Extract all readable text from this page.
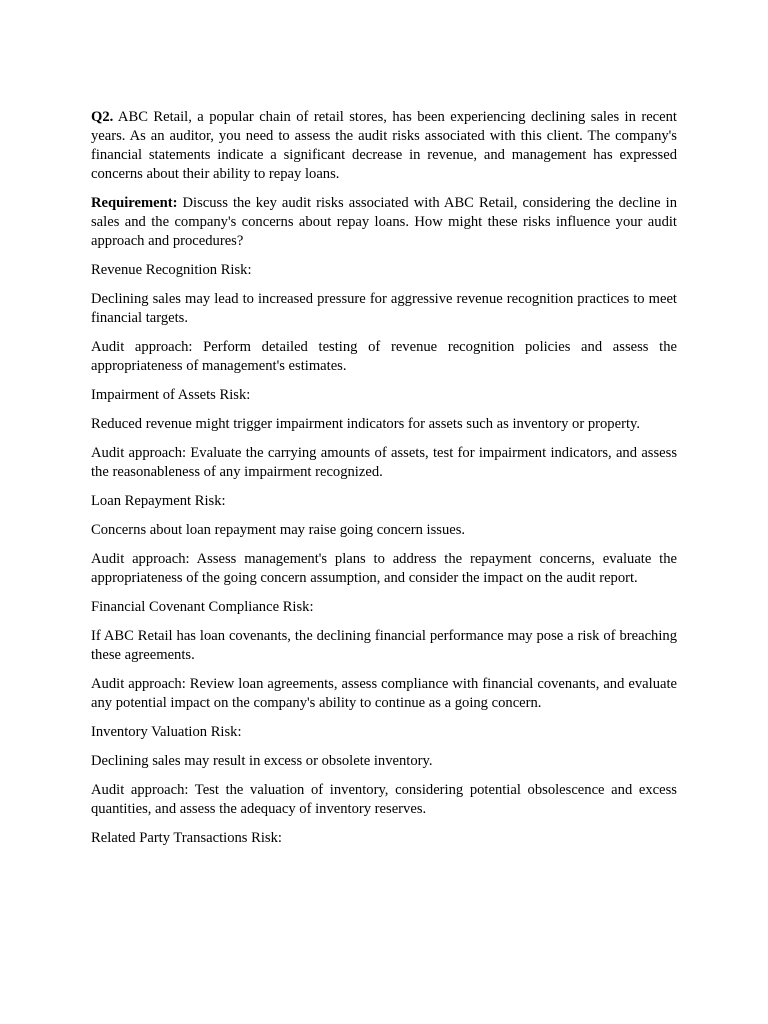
Q2. ABC Retail, a popular chain of retail stores, has been experiencing declining sales in recent years. As an auditor, you need to assess the audit risks associated with this client. The company's financial statements indicate a significant decrease in revenue, and management has expressed concerns about their ability to repay loans.

Requirement: Discuss the key audit risks associated with ABC Retail, considering the decline in sales and the company's concerns about repay loans. How might these risks influence your audit approach and procedures?

Revenue Recognition Risk:

Declining sales may lead to increased pressure for aggressive revenue recognition practices to meet financial targets.

Audit approach: Perform detailed testing of revenue recognition policies and assess the appropriateness of management's estimates.

Impairment of Assets Risk:

Reduced revenue might trigger impairment indicators for assets such as inventory or property.

Audit approach: Evaluate the carrying amounts of assets, test for impairment indicators, and assess the reasonableness of any impairment recognized.

Loan Repayment Risk:

Concerns about loan repayment may raise going concern issues.

Audit approach: Assess management's plans to address the repayment concerns, evaluate the appropriateness of the going concern assumption, and consider the impact on the audit report.

Financial Covenant Compliance Risk:

If ABC Retail has loan covenants, the declining financial performance may pose a risk of breaching these agreements.

Audit approach: Review loan agreements, assess compliance with financial covenants, and evaluate any potential impact on the company's ability to continue as a going concern.

Inventory Valuation Risk:

Declining sales may result in excess or obsolete inventory.

Audit approach: Test the valuation of inventory, considering potential obsolescence and excess quantities, and assess the adequacy of inventory reserves.

Related Party Transactions Risk:
